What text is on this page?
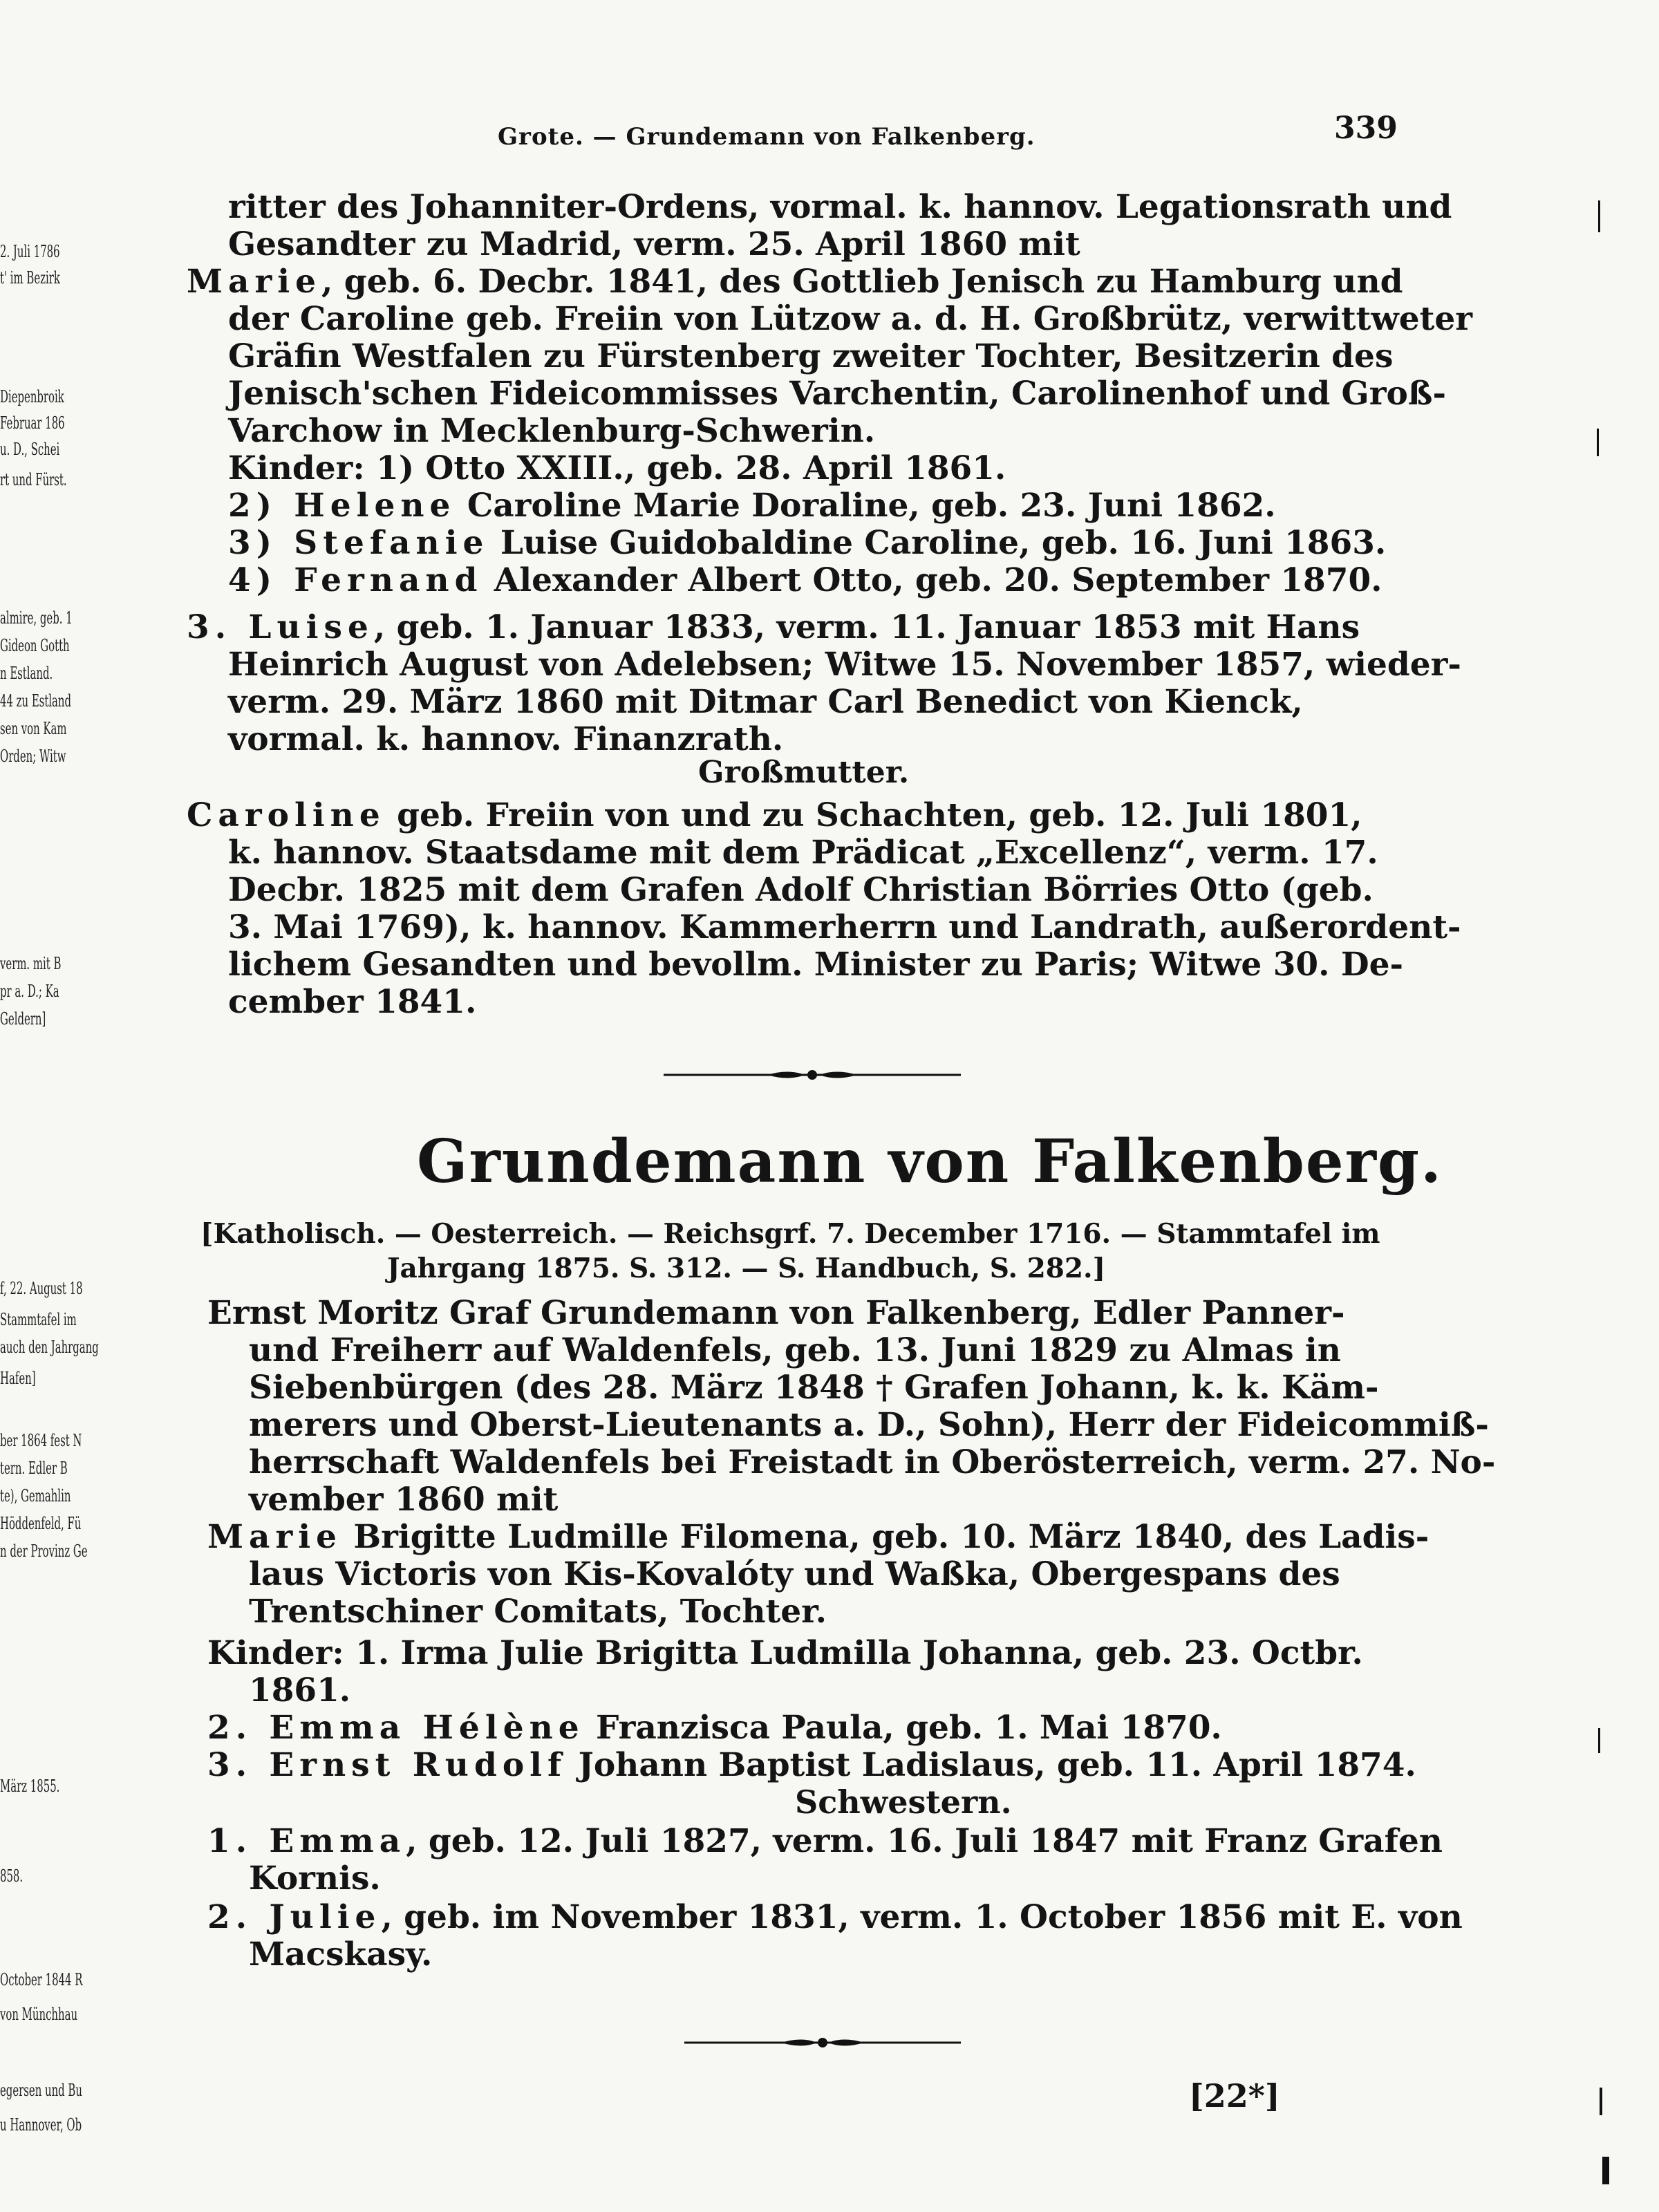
2. Juli 1786
t' im Bezirk
Diepenbroik
Februar 186
u. D., Schei
rt und Fürst.
almire, geb. 1
Gideon Gotth
n Estland.
44 zu Estland
sen von Kam
Orden; Witw
verm. mit B
pr a. D.; Ka
Geldern]
f, 22. August 18
Stammtafel im
auch den Jahrgang
Hafen]
ber 1864 fest N
tern. Edler B
te), Gemahlin
Höddenfeld, Fü
n der Provinz Ge
März 1855.
858.
October 1844 R
von Münchhau
egersen und Bu
u Hannover, Ob
Grote. — Grundemann von Falkenberg.	339
ritter des Johanniter-Ordens, vormal. k. hannov. Legationsrath und
Gesandter zu Madrid, verm. 25. April 1860 mit
Marie, geb. 6. Decbr. 1841, des Gottlieb Jenisch zu Hamburg und
der Caroline geb. Freiin von Lützow a. d. H. Großbrütz, verwittweter
Gräfin Westfalen zu Fürstenberg zweiter Tochter, Besitzerin des
Jenisch'schen Fideicommisses Varchentin, Carolinenhof und Groß-
Varchow in Mecklenburg-Schwerin.
Kinder: 1) Otto XXIII., geb. 28. April 1861.
2) Helene Caroline Marie Doraline, geb. 23. Juni 1862.
3) Stefanie Luise Guidobaldine Caroline, geb. 16. Juni 1863.
4) Fernand Alexander Albert Otto, geb. 20. September 1870.
3. Luise, geb. 1. Januar 1833, verm. 11. Januar 1853 mit Hans
Heinrich August von Adelebsen; Witwe 15. November 1857, wieder-
verm. 29. März 1860 mit Ditmar Carl Benedict von Kienck,
vormal. k. hannov. Finanzrath.
Großmutter.
Caroline geb. Freiin von und zu Schachten, geb. 12. Juli 1801,
k. hannov. Staatsdame mit dem Prädicat „Excellenz“, verm. 17.
Decbr. 1825 mit dem Grafen Adolf Christian Börries Otto (geb.
3. Mai 1769), k. hannov. Kammerherrn und Landrath, außerordent-
lichem Gesandten und bevollm. Minister zu Paris; Witwe 30. De-
cember 1841.
Grundemann von Falkenberg.
[Katholisch. — Oesterreich. — Reichsgrf. 7. December 1716. — Stammtafel im
Jahrgang 1875. S. 312. — S. Handbuch, S. 282.]
Ernst Moritz Graf Grundemann von Falkenberg, Edler Panner-
und Freiherr auf Waldenfels, geb. 13. Juni 1829 zu Almas in
Siebenbürgen (des 28. März 1848 † Grafen Johann, k. k. Käm-
merers und Oberst-Lieutenants a. D., Sohn), Herr der Fideicommiß-
herrschaft Waldenfels bei Freistadt in Oberösterreich, verm. 27. No-
vember 1860 mit
Marie Brigitte Ludmille Filomena, geb. 10. März 1840, des Ladis-
laus Victoris von Kis-Kovalóty und Waßka, Obergespans des
Trentschiner Comitats, Tochter.
Kinder: 1. Irma Julie Brigitta Ludmilla Johanna, geb. 23. Octbr.
1861.
2. Emma Hélène Franzisca Paula, geb. 1. Mai 1870.
3. Ernst Rudolf Johann Baptist Ladislaus, geb. 11. April 1874.
Schwestern.
1. Emma, geb. 12. Juli 1827, verm. 16. Juli 1847 mit Franz Grafen
Kornis.
2. Julie, geb. im November 1831, verm. 1. October 1856 mit E. von
Macskasy.
[22*]
